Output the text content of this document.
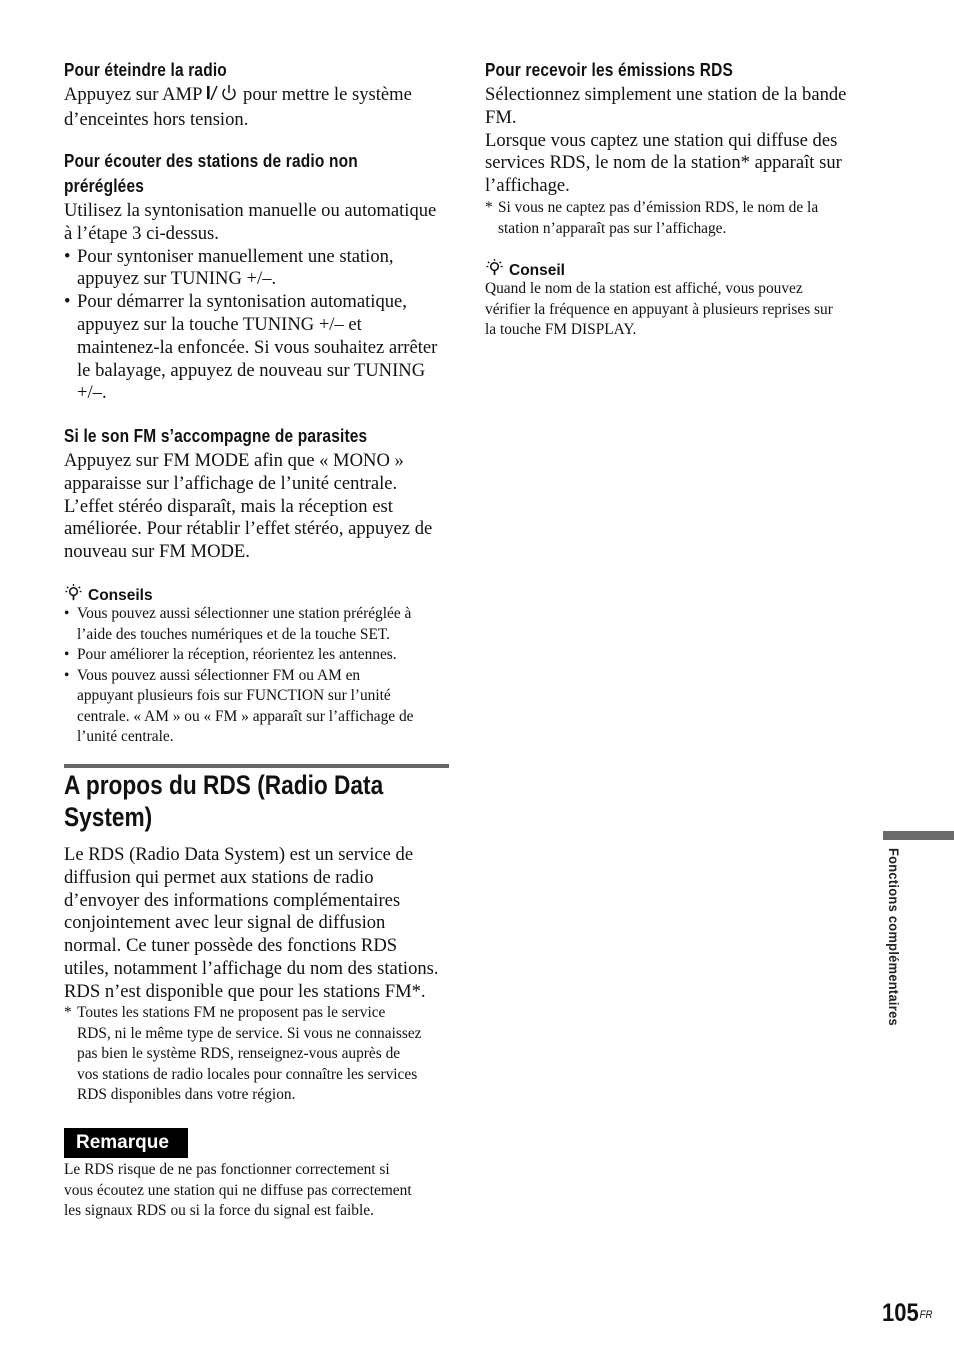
Pour éteindre la radio
Appuyez sur AMP  pour mettre le système
d’enceintes hors tension.
Pour écouter des stations de radio non
préréglées
Utilisez la syntonisation manuelle ou automatique
à l’étape 3 ci-dessus.
• Pour syntoniser manuellement une station,
appuyez sur TUNING +/–.
• Pour démarrer la syntonisation automatique,
appuyez sur la touche TUNING +/– et
maintenez-la enfoncée. Si vous souhaitez arrêter
le balayage, appuyez de nouveau sur TUNING
+/–.
Si le son FM s’accompagne de parasites
Appuyez sur FM MODE afin que « MONO »
apparaisse sur l’affichage de l’unité centrale.
L’effet stéréo disparaît, mais la réception est
améliorée. Pour rétablir l’effet stéréo, appuyez de
nouveau sur FM MODE.
Conseils
• Vous pouvez aussi sélectionner une station préréglée à
l’aide des touches numériques et de la touche SET.
• Pour améliorer la réception, réorientez les antennes.
• Vous pouvez aussi sélectionner FM ou AM en
appuyant plusieurs fois sur FUNCTION sur l’unité
centrale. « AM » ou « FM » apparaît sur l’affichage de
l’unité centrale.
A propos du RDS (Radio Data
System)
Le RDS (Radio Data System) est un service de
diffusion qui permet aux stations de radio
d’envoyer des informations complémentaires
conjointement avec leur signal de diffusion
normal. Ce tuner possède des fonctions RDS
utiles, notamment l’affichage du nom des stations.
RDS n’est disponible que pour les stations FM*.
* Toutes les stations FM ne proposent pas le service
RDS, ni le même type de service. Si vous ne connaissez
pas bien le système RDS, renseignez-vous auprès de
vos stations de radio locales pour connaître les services
RDS disponibles dans votre région.
Le RDS risque de ne pas fonctionner correctement si
vous écoutez une station qui ne diffuse pas correctement
les signaux RDS ou si la force du signal est faible.
Remarque
Pour recevoir les émissions RDS
Sélectionnez simplement une station de la bande
FM.
Lorsque vous captez une station qui diffuse des
services RDS, le nom de la station* apparaît sur
l’affichage.
* Si vous ne captez pas d’émission RDS, le nom de la
station n’apparaît pas sur l’affichage.
Conseil
Quand le nom de la station est affiché, vous pouvez
vérifier la fréquence en appuyant à plusieurs reprises sur
la touche FM DISPLAY.
Fonctions complémentaires
$105^{FR}$
